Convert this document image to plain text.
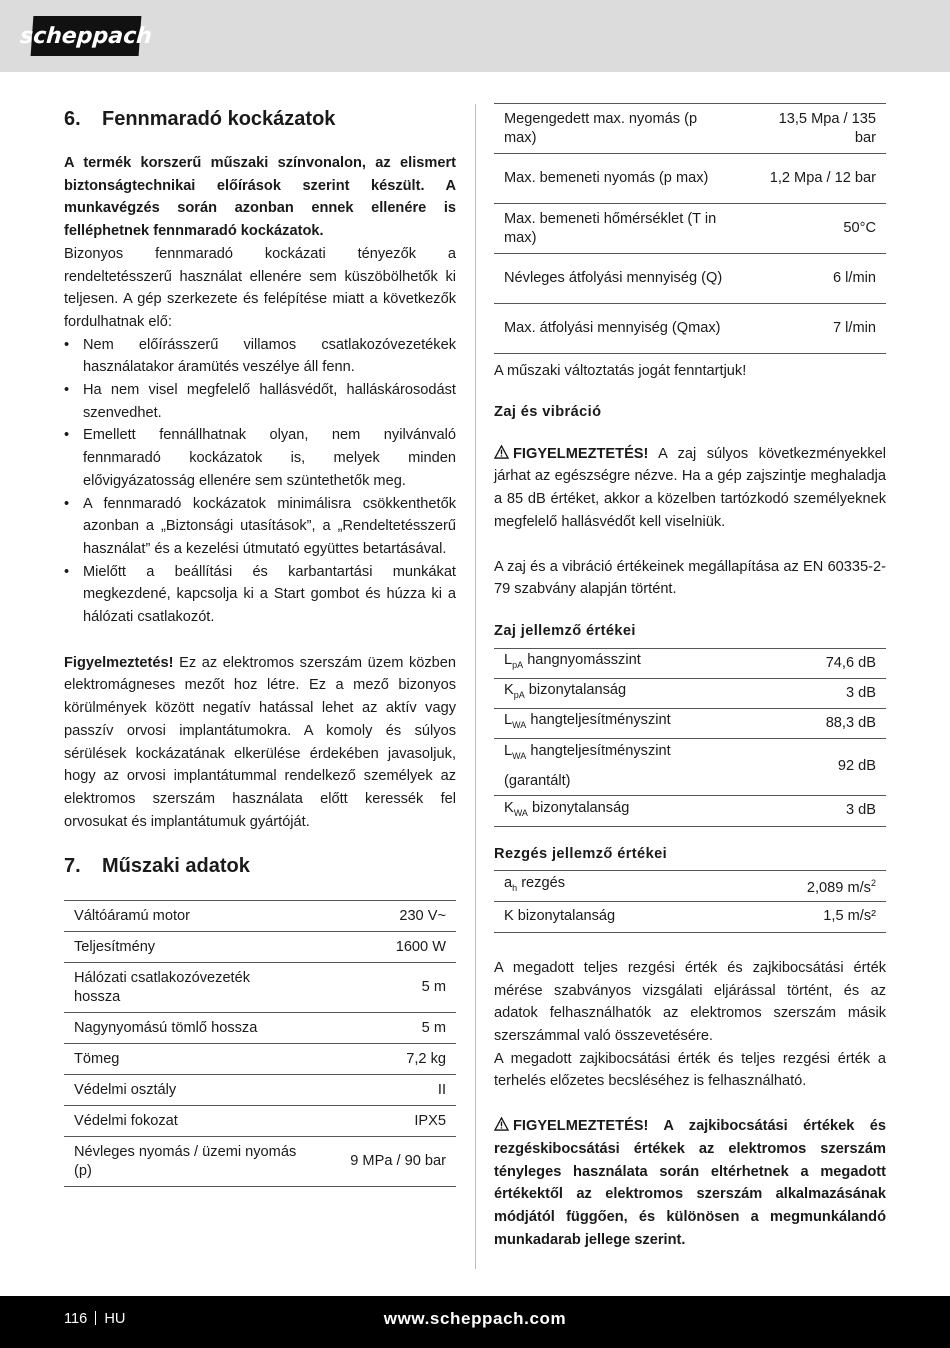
scheppach
6.	Fennmaradó kockázatok

A termék korszerű műszaki színvonalon, az elismert biztonságtechnikai előírások szerint készült. A munkavégzés során azonban ennek ellenére is felléphetnek fennmaradó kockázatok.

Bizonyos fennmaradó kockázati tényezők a rendeltetésszerű használat ellenére sem küszöbölhetők ki teljesen. A gép szerkezete és felépítése miatt a következők fordulhatnak elő:

• Nem előírásszerű villamos csatlakozóvezetékek használatakor áramütés veszélye áll fenn.
• Ha nem visel megfelelő hallásvédőt, halláskárosodást szenvedhet.
• Emellett fennállhatnak olyan, nem nyilvánvaló fennmaradó kockázatok is, melyek minden elővigyázatosság ellenére sem szüntethetők meg.
• A fennmaradó kockázatok minimálisra csökkenthetők azonban a „Biztonsági utasítások”, a „Rendeltetésszerű használat” és a kezelési útmutató együttes betartásával.
• Mielőtt a beállítási és karbantartási munkákat megkezdené, kapcsolja ki a Start gombot és húzza ki a hálózati csatlakozót.

Figyelmeztetés! Ez az elektromos szerszám üzem közben elektromágneses mezőt hoz létre. Ez a mező bizonyos körülmények között negatív hatással lehet az aktív vagy passzív orvosi implantátumokra. A komoly és súlyos sérülések kockázatának elkerülése érdekében javasoljuk, hogy az orvosi implantátummal rendelkező személyek az elektromos szerszám használata előtt keressék fel orvosukat és implantátumuk gyártóját.

7.	Műszaki adatok
Váltóáramú motor	230 V~
Teljesítmény	1600 W
Hálózati csatlakozóvezeték hossza	5 m
Nagynyomású tömlő hossza	5 m
Tömeg	7,2 kg
Védelmi osztály	II
Védelmi fokozat	IPX5
Névleges nyomás / üzemi nyomás (p)	9 MPa / 90 bar
Megengedett max. nyomás (p max)	13,5 Mpa / 135 bar
Max. bemeneti nyomás (p max)	1,2 Mpa / 12 bar
Max. bemeneti hőmérséklet (T in max)	50°C
Névleges átfolyási mennyiség (Q)	6 l/min
Max. átfolyási mennyiség (Qmax)	7 l/min

A műszaki változtatás jogát fenntartjuk!

Zaj és vibráció

FIGYELMEZTETÉS! A zaj súlyos következményekkel járhat az egészségre nézve. Ha a gép zajszintje meghaladja a 85 dB értéket, akkor a közelben tartózkodó személyeknek megfelelő hallásvédőt kell viselniük.

A zaj és a vibráció értékeinek megállapítása az EN 60335-2-79 szabvány alapján történt.

Zaj jellemző értékei

$L_{pA}$ hangnyomásszint	74,6 dB
$K_{pA}$ bizonytalanság	3 dB
$L_{WA}$ hangteljesítményszint	88,3 dB
$L_{WA}$ hangteljesítményszint (garantált)	92 dB
$K_{WA}$ bizonytalanság	3 dB

Rezgés jellemző értékei

$a_h$ rezgés	2,089 $m/s^2$
K bizonytalanság	1,5 m/s²

A megadott teljes rezgési érték és zajkibocsátási érték mérése szabványos vizsgálati eljárással történt, és az adatok felhasználhatók az elektromos szerszám másik szerszámmal való összevetésére.

A megadott zajkibocsátási érték és teljes rezgési érték a terhelés előzetes becsléséhez is felhasználható.

FIGYELMEZTETÉS! A zajkibocsátási értékek és rezgéskibocsátási értékek az elektromos szerszám tényleges használata során eltérhetnek a megadott értékektől az elektromos szerszám alkalmazásának módjától függően, és különösen a megmunkálandó munkadarab jellege szerint.

116 HU	www.scheppach.com
